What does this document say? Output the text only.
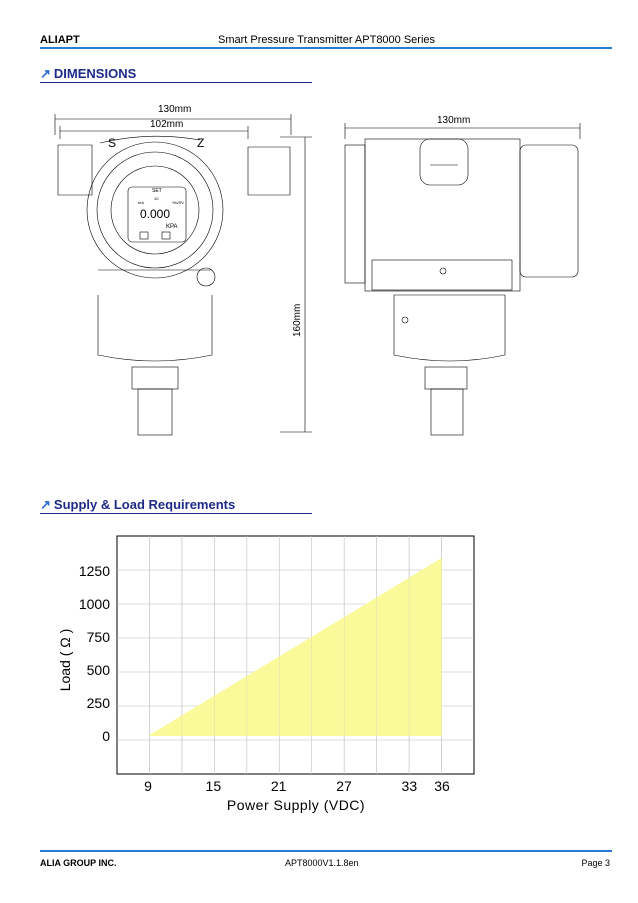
ALIAPT	Smart Pressure Transmitter APT8000 Series
↗ DIMENSIONS
130mm
102mm	130mm
160mm
S	Z
SET
mA
10
%URV
0.000
KPA
↗ Supply & Load Requirements
0
250
500
750
1000
1250
9	15	21	27	33 36
Power Supply (VDC)
Load ( Ω )
ALIA GROUP INC.	APT8000V1.1.8en	Page 3
